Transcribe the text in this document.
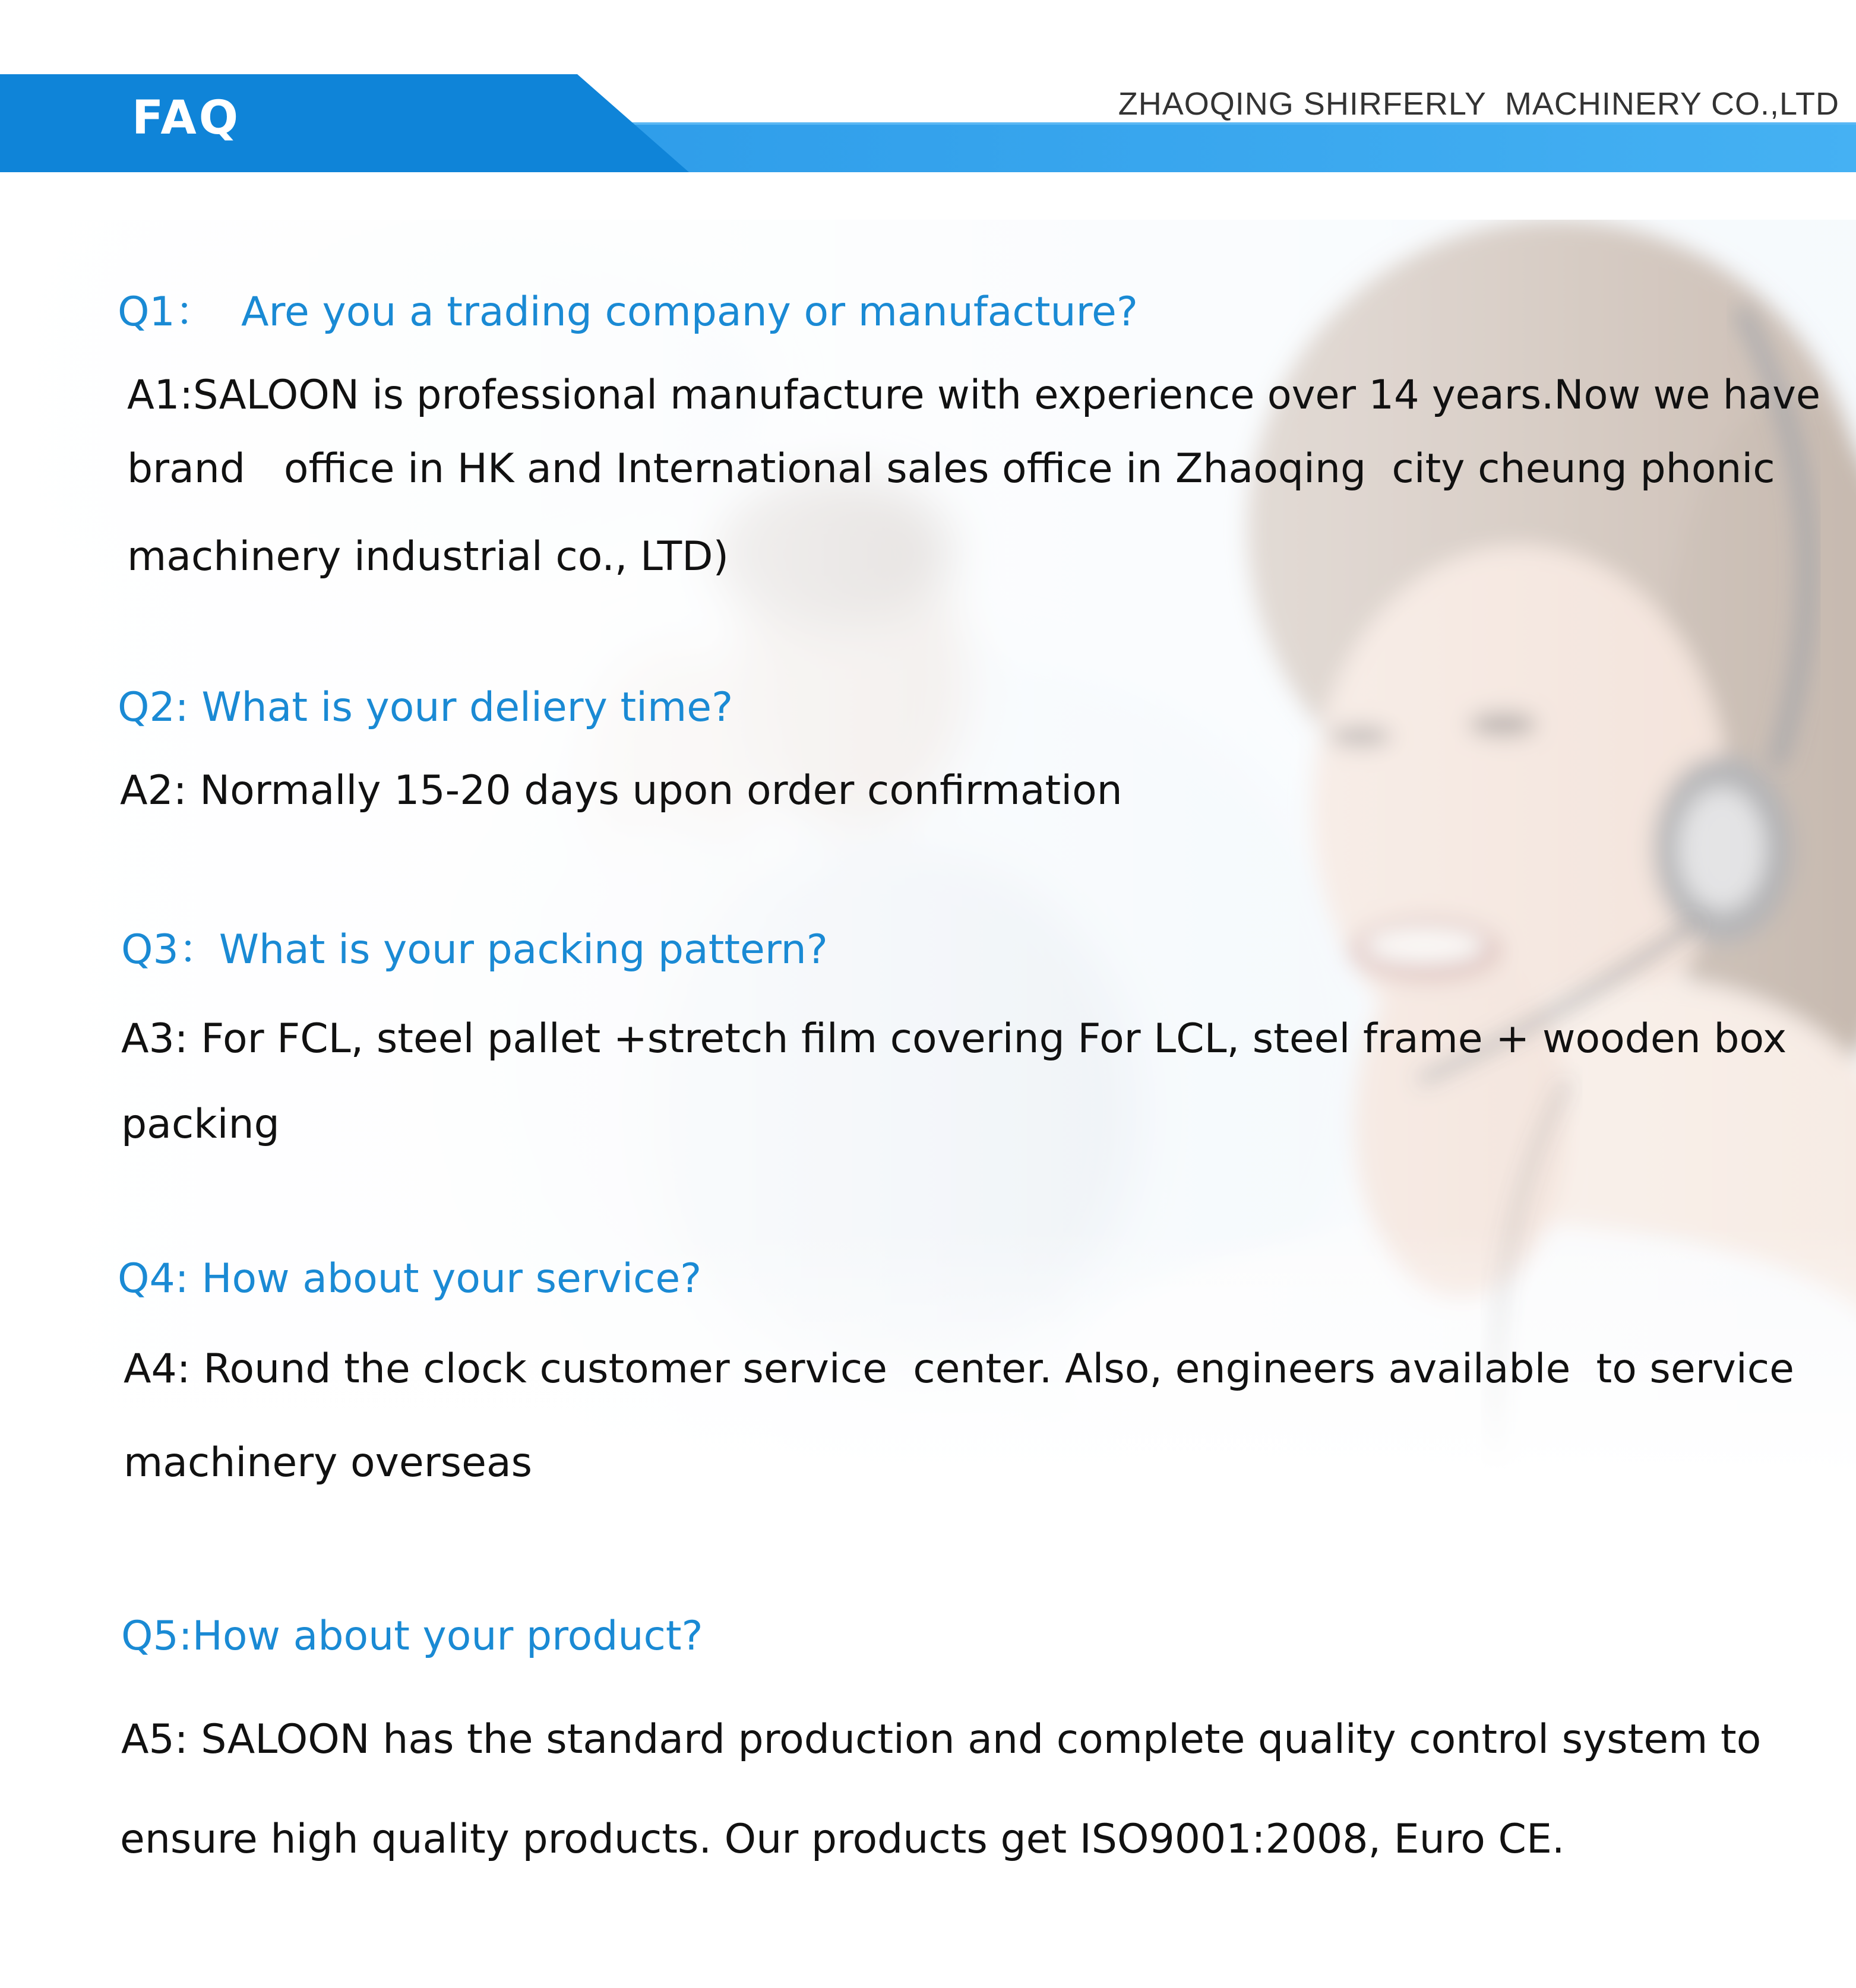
FAQ	ZHAOQING SHIRFERLY  MACHINERY CO.,LTD
Q1：  Are you a trading company or manufacture?
A1:SALOON is professional manufacture with experience over 14 years.Now we have
brand   office in HK and International sales office in Zhaoqing  city cheung phonic
machinery industrial co., LTD)
Q2: What is your deliery time?
A2: Normally 15-20 days upon order confirmation
Q3：What is your packing pattern?
A3: For FCL, steel pallet +stretch film covering For LCL, steel frame + wooden box
packing
Q4: How about your service?
A4: Round the clock customer service  center. Also, engineers available  to service
machinery overseas
Q5:How about your product?
A5: SALOON has the standard production and complete quality control system to
ensure high quality products. Our products get ISO9001:2008, Euro CE.
